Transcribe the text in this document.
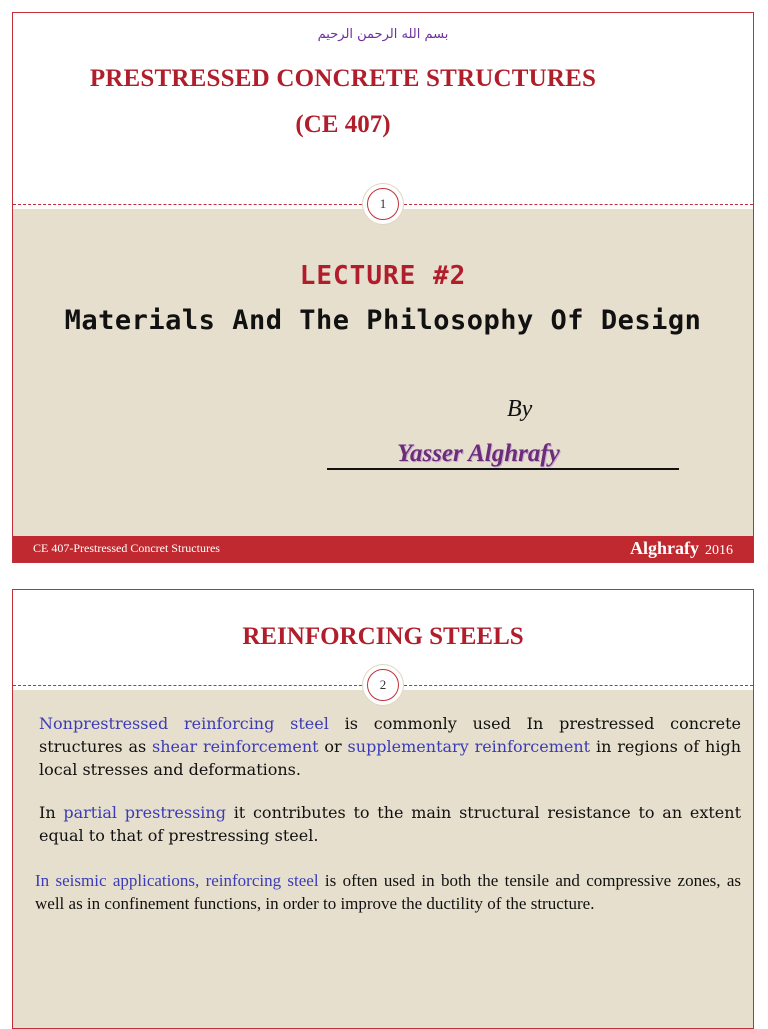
بسم الله الرحمن الرحيم
PRESTRESSED CONCRETE STRUCTURES
(CE 407)
1
LECTURE #2
Materials And The Philosophy Of Design
By
Yasser Alghrafy
CE 407-Prestressed Concret Structures	Alghrafy 2016
REINFORCING STEELS
2
Nonprestressed reinforcing steel is commonly used In prestressed concrete structures as shear reinforcement or supplementary reinforcement in regions of high local stresses and deformations.
In partial prestressing it contributes to the main structural resistance to an extent equal to that of prestressing steel.
In seismic applications, reinforcing steel is often used in both the tensile and compressive zones, as well as in confinement functions, in order to improve the ductility of the structure.
